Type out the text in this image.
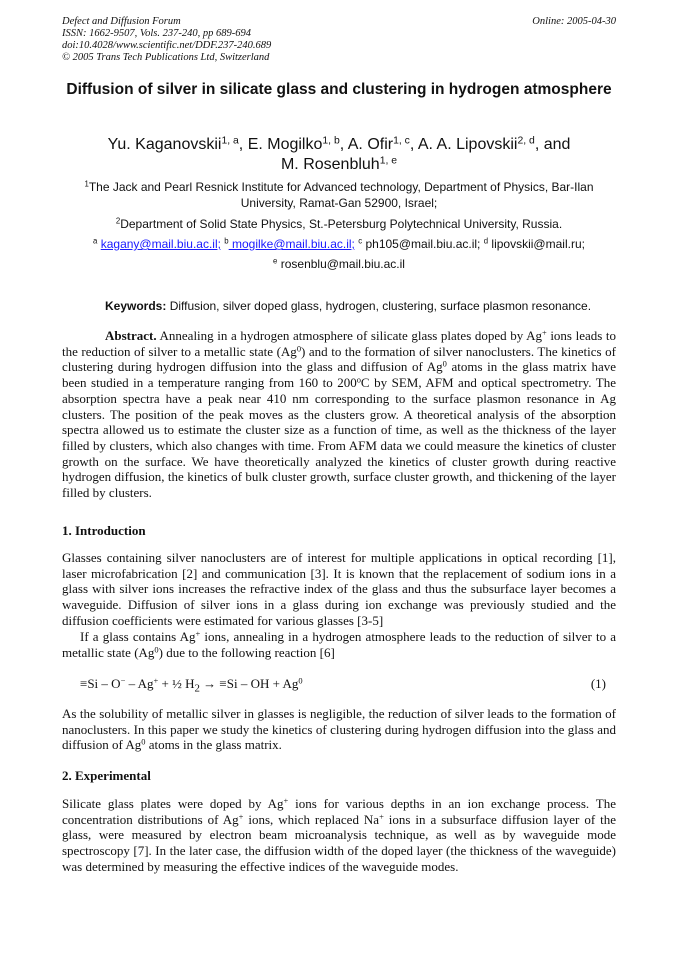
Defect and Diffusion Forum
ISSN: 1662-9507, Vols. 237-240, pp 689-694
doi:10.4028/www.scientific.net/DDF.237-240.689
© 2005 Trans Tech Publications Ltd, Switzerland
Online: 2005-04-30
Diffusion of silver in silicate glass and clustering in hydrogen atmosphere
Yu. Kaganovskii$^{1, a}$, E. Mogilko$^{1, b}$, A. Ofir$^{1, c}$, A. A. Lipovskii$^{2, d}$, and
M. Rosenbluh$^{1, e}$
$^1$The Jack and Pearl Resnick Institute for Advanced technology, Department of Physics, Bar-Ilan University, Ramat-Gan 52900, Israel;
$^2$Department of Solid State Physics, St.-Petersburg Polytechnical University, Russia.
$^a$ kagany@mail.biu.ac.il; $^b$ mogilke@mail.biu.ac.il; $^c$ ph105@mail.biu.ac.il; $^d$ lipovskii@mail.ru;
$^e$ rosenblu@mail.biu.ac.il
Keywords: Diffusion, silver doped glass, hydrogen, clustering, surface plasmon resonance.
Abstract. Annealing in a hydrogen atmosphere of silicate glass plates doped by Ag+ ions leads to the reduction of silver to a metallic state (Ag$^0$) and to the formation of silver nanoclusters. The kinetics of clustering during hydrogen diffusion into the glass and diffusion of Ag$^0$ atoms in the glass matrix have been studied in a temperature ranging from 160 to 200$^o$C by SEM, AFM and optical spectrometry. The absorption spectra have a peak near 410 nm corresponding to the surface plasmon resonance in Ag clusters. The position of the peak moves as the clusters grow. A theoretical analysis of the absorption spectra allowed us to estimate the cluster size as a function of time, as well as the thickness of the layer filled by clusters, which also changes with time. From AFM data we could measure the kinetics of cluster growth on the surface. We have theoretically analyzed the kinetics of cluster growth during reactive hydrogen diffusion, the kinetics of bulk cluster growth, surface cluster growth, and thickening of the layer filled by clusters.
1. Introduction
Glasses containing silver nanoclusters are of interest for multiple applications in optical recording [1], laser microfabrication [2] and communication [3]. It is known that the replacement of sodium ions in a glass with silver ions increases the refractive index of the glass and thus the subsurface layer becomes a waveguide. Diffusion of silver ions in a glass during ion exchange was previously studied and the diffusion coefficients were estimated for various glasses [3-5]
If a glass contains Ag+ ions, annealing in a hydrogen atmosphere leads to the reduction of silver to a metallic state (Ag$^0$) due to the following reaction [6]
≡Si – O− – Ag+ + ½ $H_2 \to \equiv Si$ – OH + $Ag^0$	(1)
As the solubility of metallic silver in glasses is negligible, the reduction of silver leads to the formation of nanoclusters. In this paper we study the kinetics of clustering during hydrogen diffusion into the glass and diffusion of Ag$^0$ atoms in the glass matrix.
2. Experimental
Silicate glass plates were doped by Ag+ ions for various depths in an ion exchange process. The concentration distributions of Ag+ ions, which replaced Na+ ions in a subsurface diffusion layer of the glass, were measured by electron beam microanalysis technique, as well as by waveguide mode spectroscopy [7]. In the later case, the diffusion width of the doped layer (the thickness of the waveguide) was determined by measuring the effective indices of the waveguide modes.
